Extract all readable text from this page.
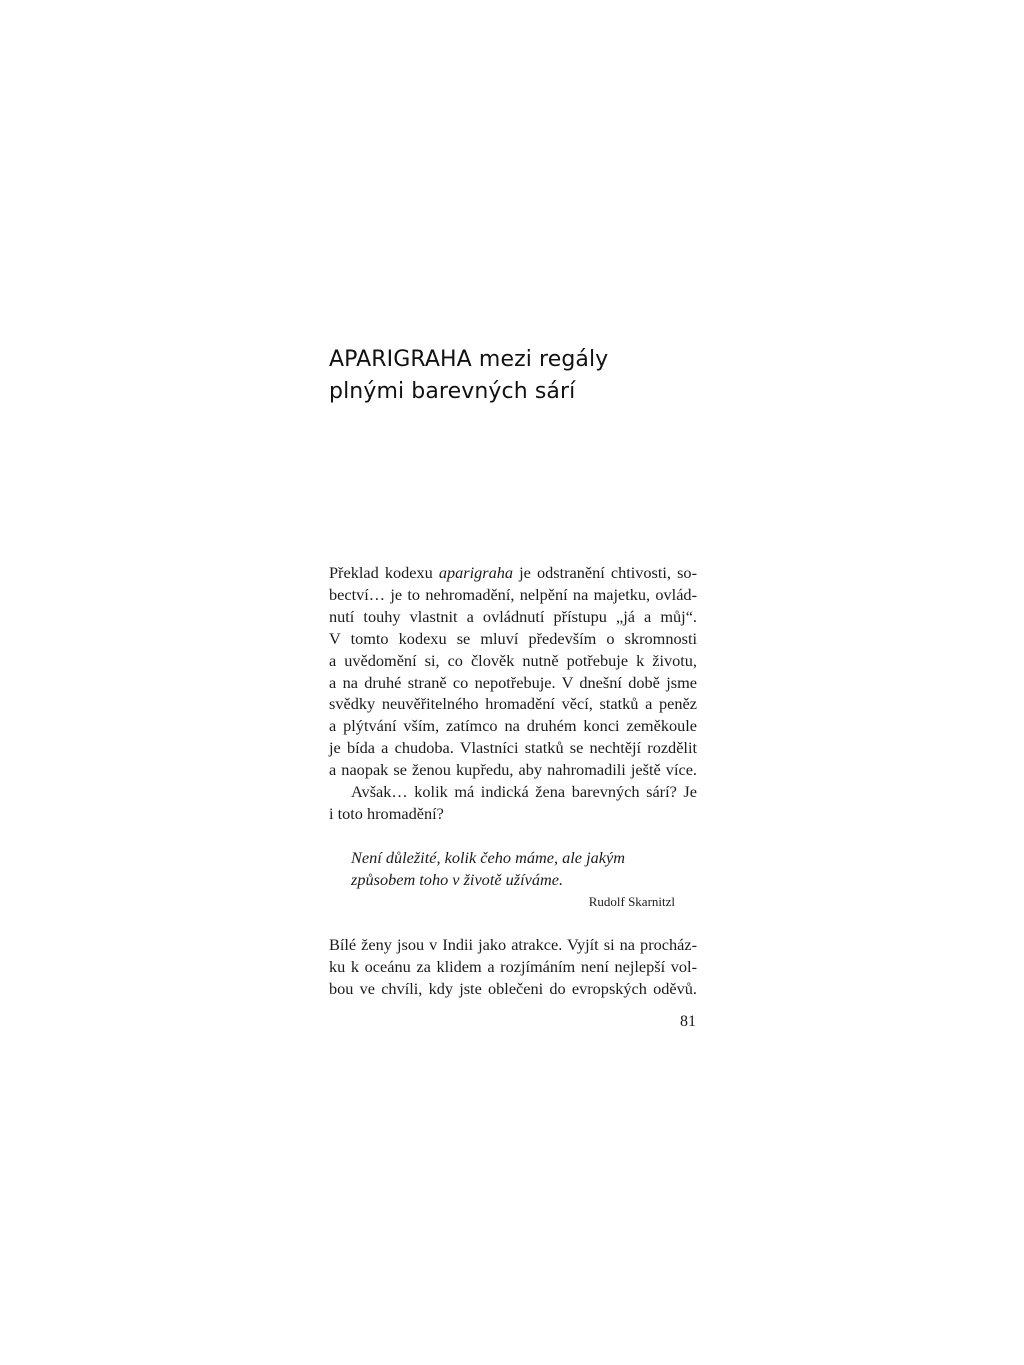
APARIGRAHA mezi regály
plnými barevných sárí
Překlad kodexu aparigraha je odstranění chtivosti, so-
bectví… je to nehromadění, nelpění na majetku, ovlád-
nutí touhy vlastnit a ovládnutí přístupu „já a můj“.
V tomto kodexu se mluví především o skromnosti
a uvědomění si, co člověk nutně potřebuje k životu,
a na druhé straně co nepotřebuje. V dnešní době jsme
svědky neuvěřitelného hromadění věcí, statků a peněz
a plýtvání vším, zatímco na druhém konci zeměkoule
je bída a chudoba. Vlastníci statků se nechtějí rozdělit
a naopak se ženou kupředu, aby nahromadili ještě více.
Avšak… kolik má indická žena barevných sárí? Je
i toto hromadění?
Není důležité, kolik čeho máme, ale jakým
způsobem toho v životě užíváme.
Rudolf Skarnitzl
Bílé ženy jsou v Indii jako atrakce. Vyjít si na procház-
ku k oceánu za klidem a rozjímáním není nejlepší vol-
bou ve chvíli, kdy jste oblečeni do evropských oděvů.
81
